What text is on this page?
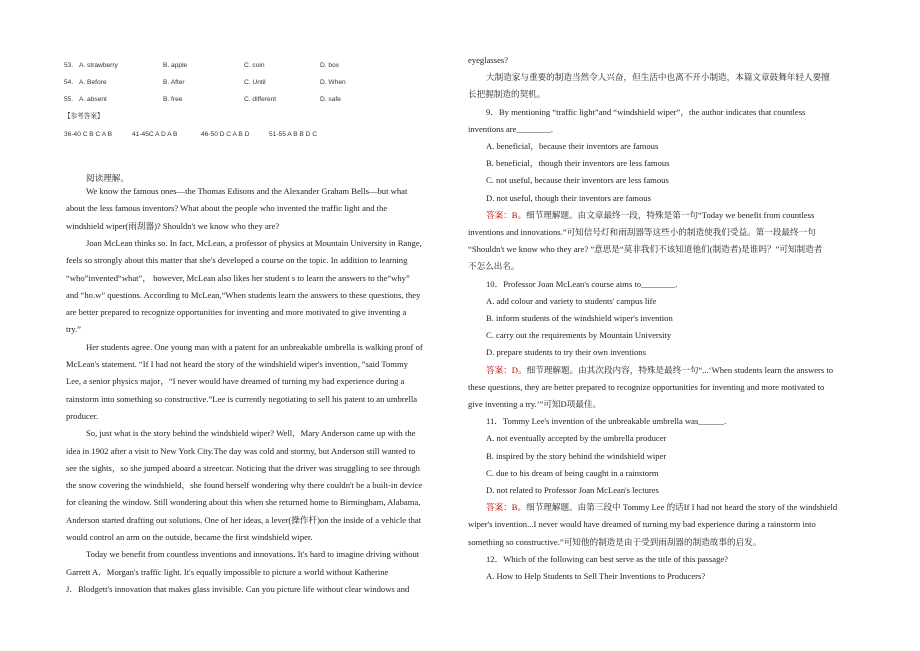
53. A. strawberry	B. apple	C. coin	D. box
54. A. Before	B. After	C. Until	D. When
55. A. absent	B. free	C. different	D. safe
【参考答案】
36-40 C B C A B	41-45C A D A B	46-50 D C A B D	51-55 A B B D C
阅读理解。
We know the famous ones—the Thomas Edisons and the Alexander Graham Bells—but what
about the less famous inventors? What about the people who invented the traffic light and the
windshield wiper(雨刮器)? Shouldn't we know who they are?
Joan McLean thinks so. In fact, McLean, a professor of physics at Mountain University in Range,
feels so strongly about this matter that she's developed a course on the topic. In addition to learning
“who”invented“what”， however, McLean also likes her student s to learn the answers to the“why”
and “ho.w” questions. According to McLean,“When students learn the answers to these questions, they
are better prepared to recognize opportunities for inventing and more motivated to give inventing a
try.”
Her students agree. One young man with a patent for an unbreakable umbrella is walking proof of
McLean's statement. “If I had not heard the story of the windshield wiper's invention，”said Tommy
Lee, a senior physics major，“I never would have dreamed of turning my bad experience during a
rainstorm into something so constructive.”Lee is currently negotiating to sell his patent to an umbrella
producer.
So, just what is the story behind the windshield wiper? Well，Mary Anderson came up with the
idea in 1902 after a visit to New York City.The day was cold and stormy, but Anderson still wanted to
see the sights，so she jumped aboard a streetcar. Noticing that the driver was struggling to see through
the snow covering the windshield，she found herself wondering why there couldn't be a built-in device
for cleaning the window. Still wondering about this when she returned home to Birmingham, Alabama,
Anderson started drafting out solutions. One of her ideas, a lever(操作杆)on the inside of a vehicle that
would control an arm on the outside, became the first windshield wiper.
Today we benefit from countless inventions and innovations. It's hard to imagine driving without
Garrett A．Morgan's traffic light. It's equally impossible to picture a world without Katherine
J．Blodgett's innovation that makes glass invisible. Can you picture life without clear windows and
eyeglasses?
大制造家与重要的制造当然令人兴奋，但生活中也离不开小制造，本篇文章鼓舞年轻人要擅
长把握制造的契机。
9．By mentioning “traffic light”and “windshield wiper”，the author indicates that countless
inventions are________.
A. beneficial，because their inventors are famous
B. beneficial，though their inventors are less famous
C. not useful, because their inventors are less famous
D. not useful, though their inventors are famous
答案：B。细节理解题。由文章最终一段，特殊是第一句“Today we benefit from countless
inventions and innovations.”可知信号灯和雨刮器等这些小的制造使我们受益。第一段最终一句
“Shouldn't we know who they are? ”意思是“莫非我们不该知道他们(制造者)是谁吗？”可知制造者
不怎么出名。
10．Professor Joan McLean's course aims to________.
A. add colour and variety to students' campus life
B. inform students of the windshield wiper's invention
C. carry out the requirements by Mountain University
D. prepare students to try their own inventions
答案：D。细节理解题。由其次段内容，特殊是最终一句“...‘When students learn the answers to
these questions, they are better prepared to recognize opportunities for inventing and more motivated to
give inventing a try.’”可知D项最佳。
11．Tommy Lee's invention of the unbreakable umbrella was______.
A. not eventually accepted by the umbrella producer
B. inspired by the story behind the windshield wiper
C. due to his dream of being caught in a rainstorm
D. not related to Professor Joan McLean's lectures
答案：B。细节理解题。由第三段中 Tommy Lee 的话If I had not heard the story of the windshield
wiper's invention...I never would have dreamed of turning my bad experience during a rainstorm into
something so constructive.”可知他的制造是由于受到雨刮器的制造故事的启发。
12．Which of the following can best serve as the title of this passage?
A. How to Help Students to Sell Their Inventions to Producers?
